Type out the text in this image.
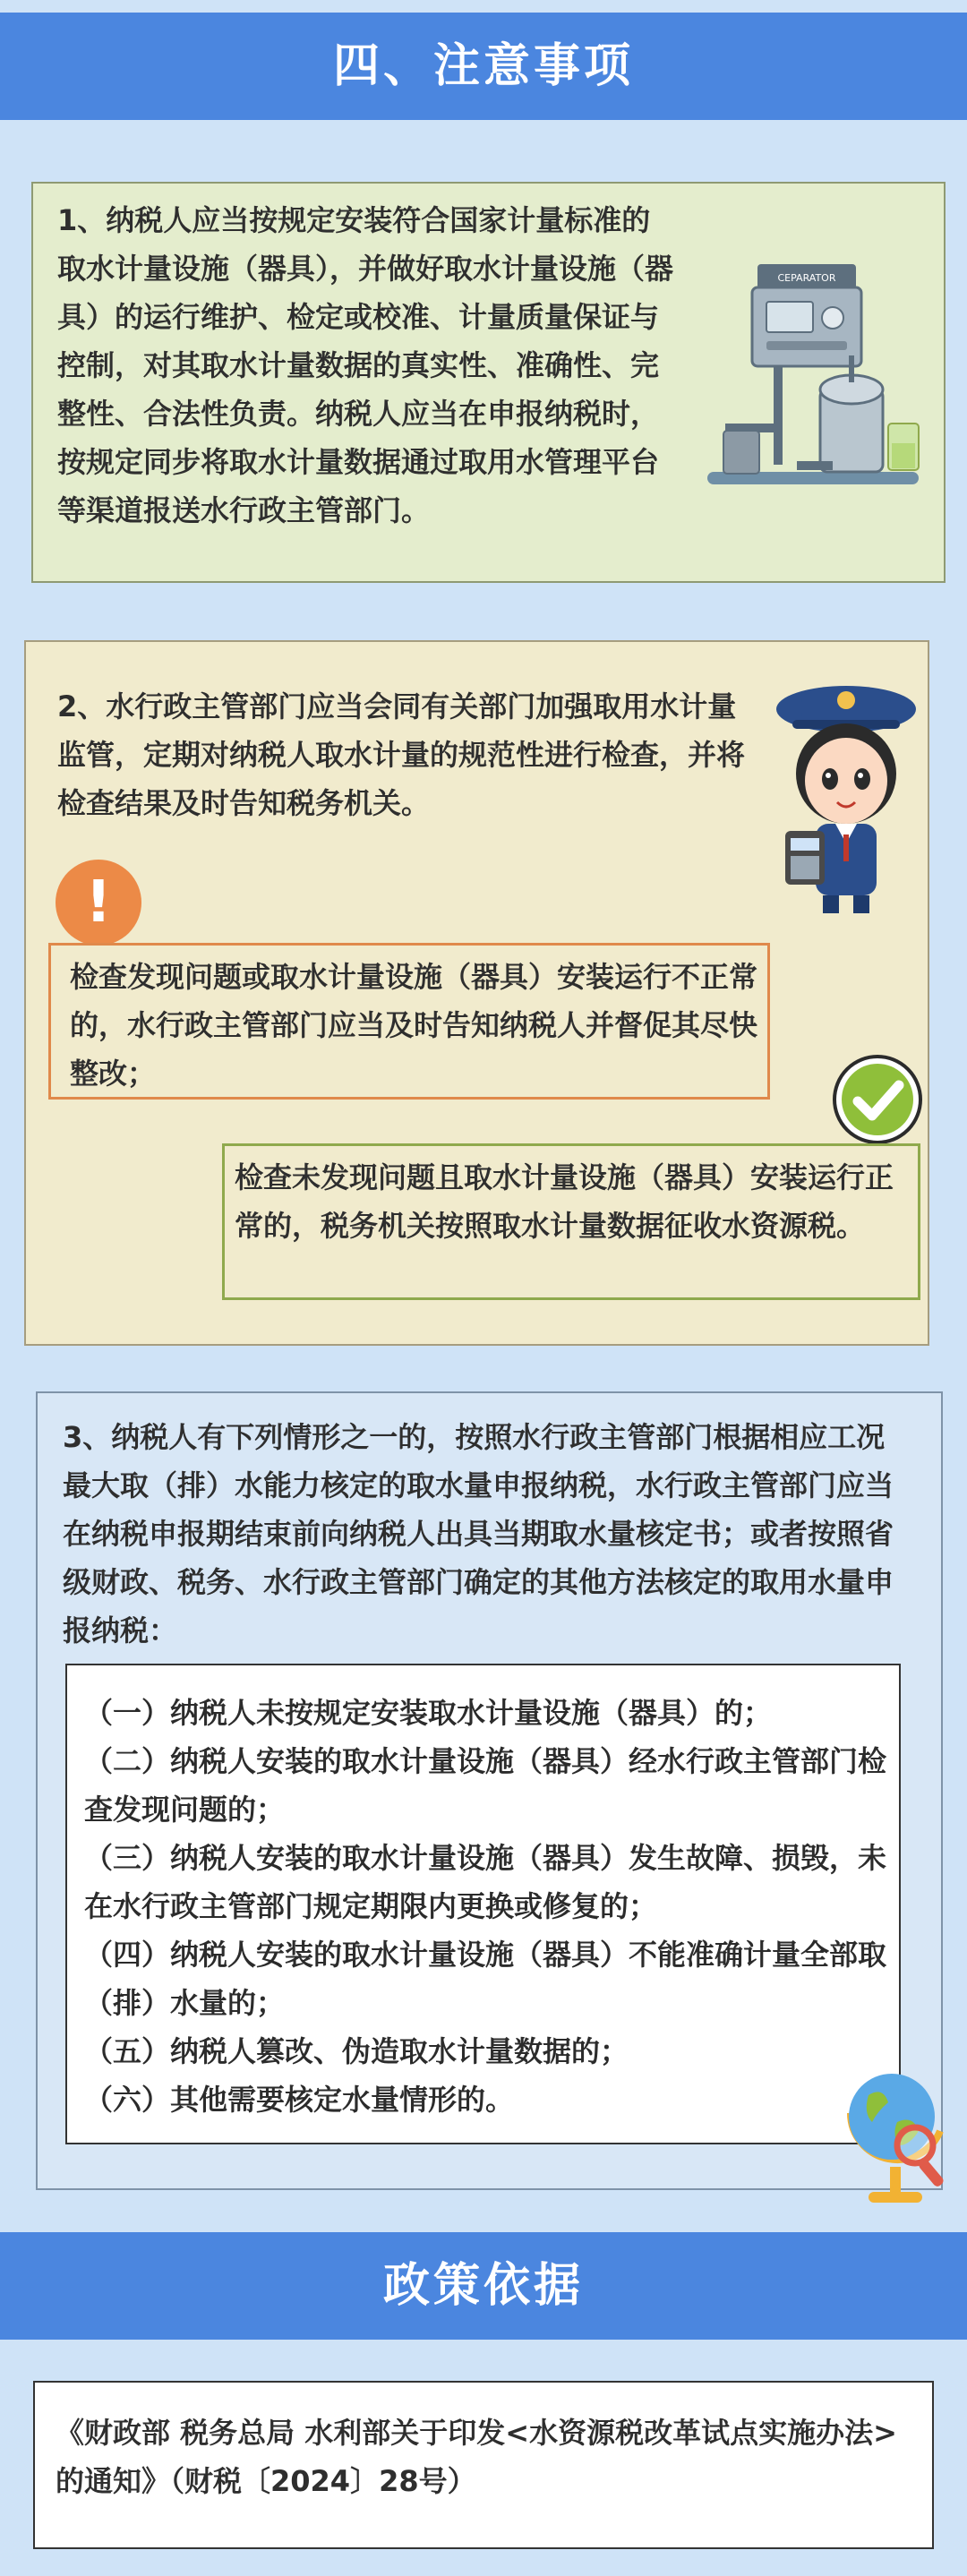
四、注意事项

1、纳税人应当按规定安装符合国家计量标准的取水计量设施（器具），并做好取水计量设施（器具）的运行维护、检定或校准、计量质量保证与控制，对其取水计量数据的真实性、准确性、完整性、合法性负责。纳税人应当在申报纳税时，按规定同步将取水计量数据通过取用水管理平台等渠道报送水行政主管部门。

CEPARATOR

2、水行政主管部门应当会同有关部门加强取用水计量监管，定期对纳税人取水计量的规范性进行检查，并将检查结果及时告知税务机关。

!

检查发现问题或取水计量设施（器具）安装运行不正常的，水行政主管部门应当及时告知纳税人并督促其尽快整改；

检查未发现问题且取水计量设施（器具）安装运行正常的，税务机关按照取水计量数据征收水资源税。

3、纳税人有下列情形之一的，按照水行政主管部门根据相应工况最大取（排）水能力核定的取水量申报纳税，水行政主管部门应当在纳税申报期结束前向纳税人出具当期取水量核定书；或者按照省级财政、税务、水行政主管部门确定的其他方法核定的取用水量申报纳税：

（一）纳税人未按规定安装取水计量设施（器具）的；
（二）纳税人安装的取水计量设施（器具）经水行政主管部门检查发现问题的；
（三）纳税人安装的取水计量设施（器具）发生故障、损毁，未在水行政主管部门规定期限内更换或修复的；
（四）纳税人安装的取水计量设施（器具）不能准确计量全部取（排）水量的；
（五）纳税人篡改、伪造取水计量数据的；
（六）其他需要核定水量情形的。
政策依据

《财政部 税务总局 水利部关于印发<水资源税改革试点实施办法>的通知》（财税〔2024〕28号）
